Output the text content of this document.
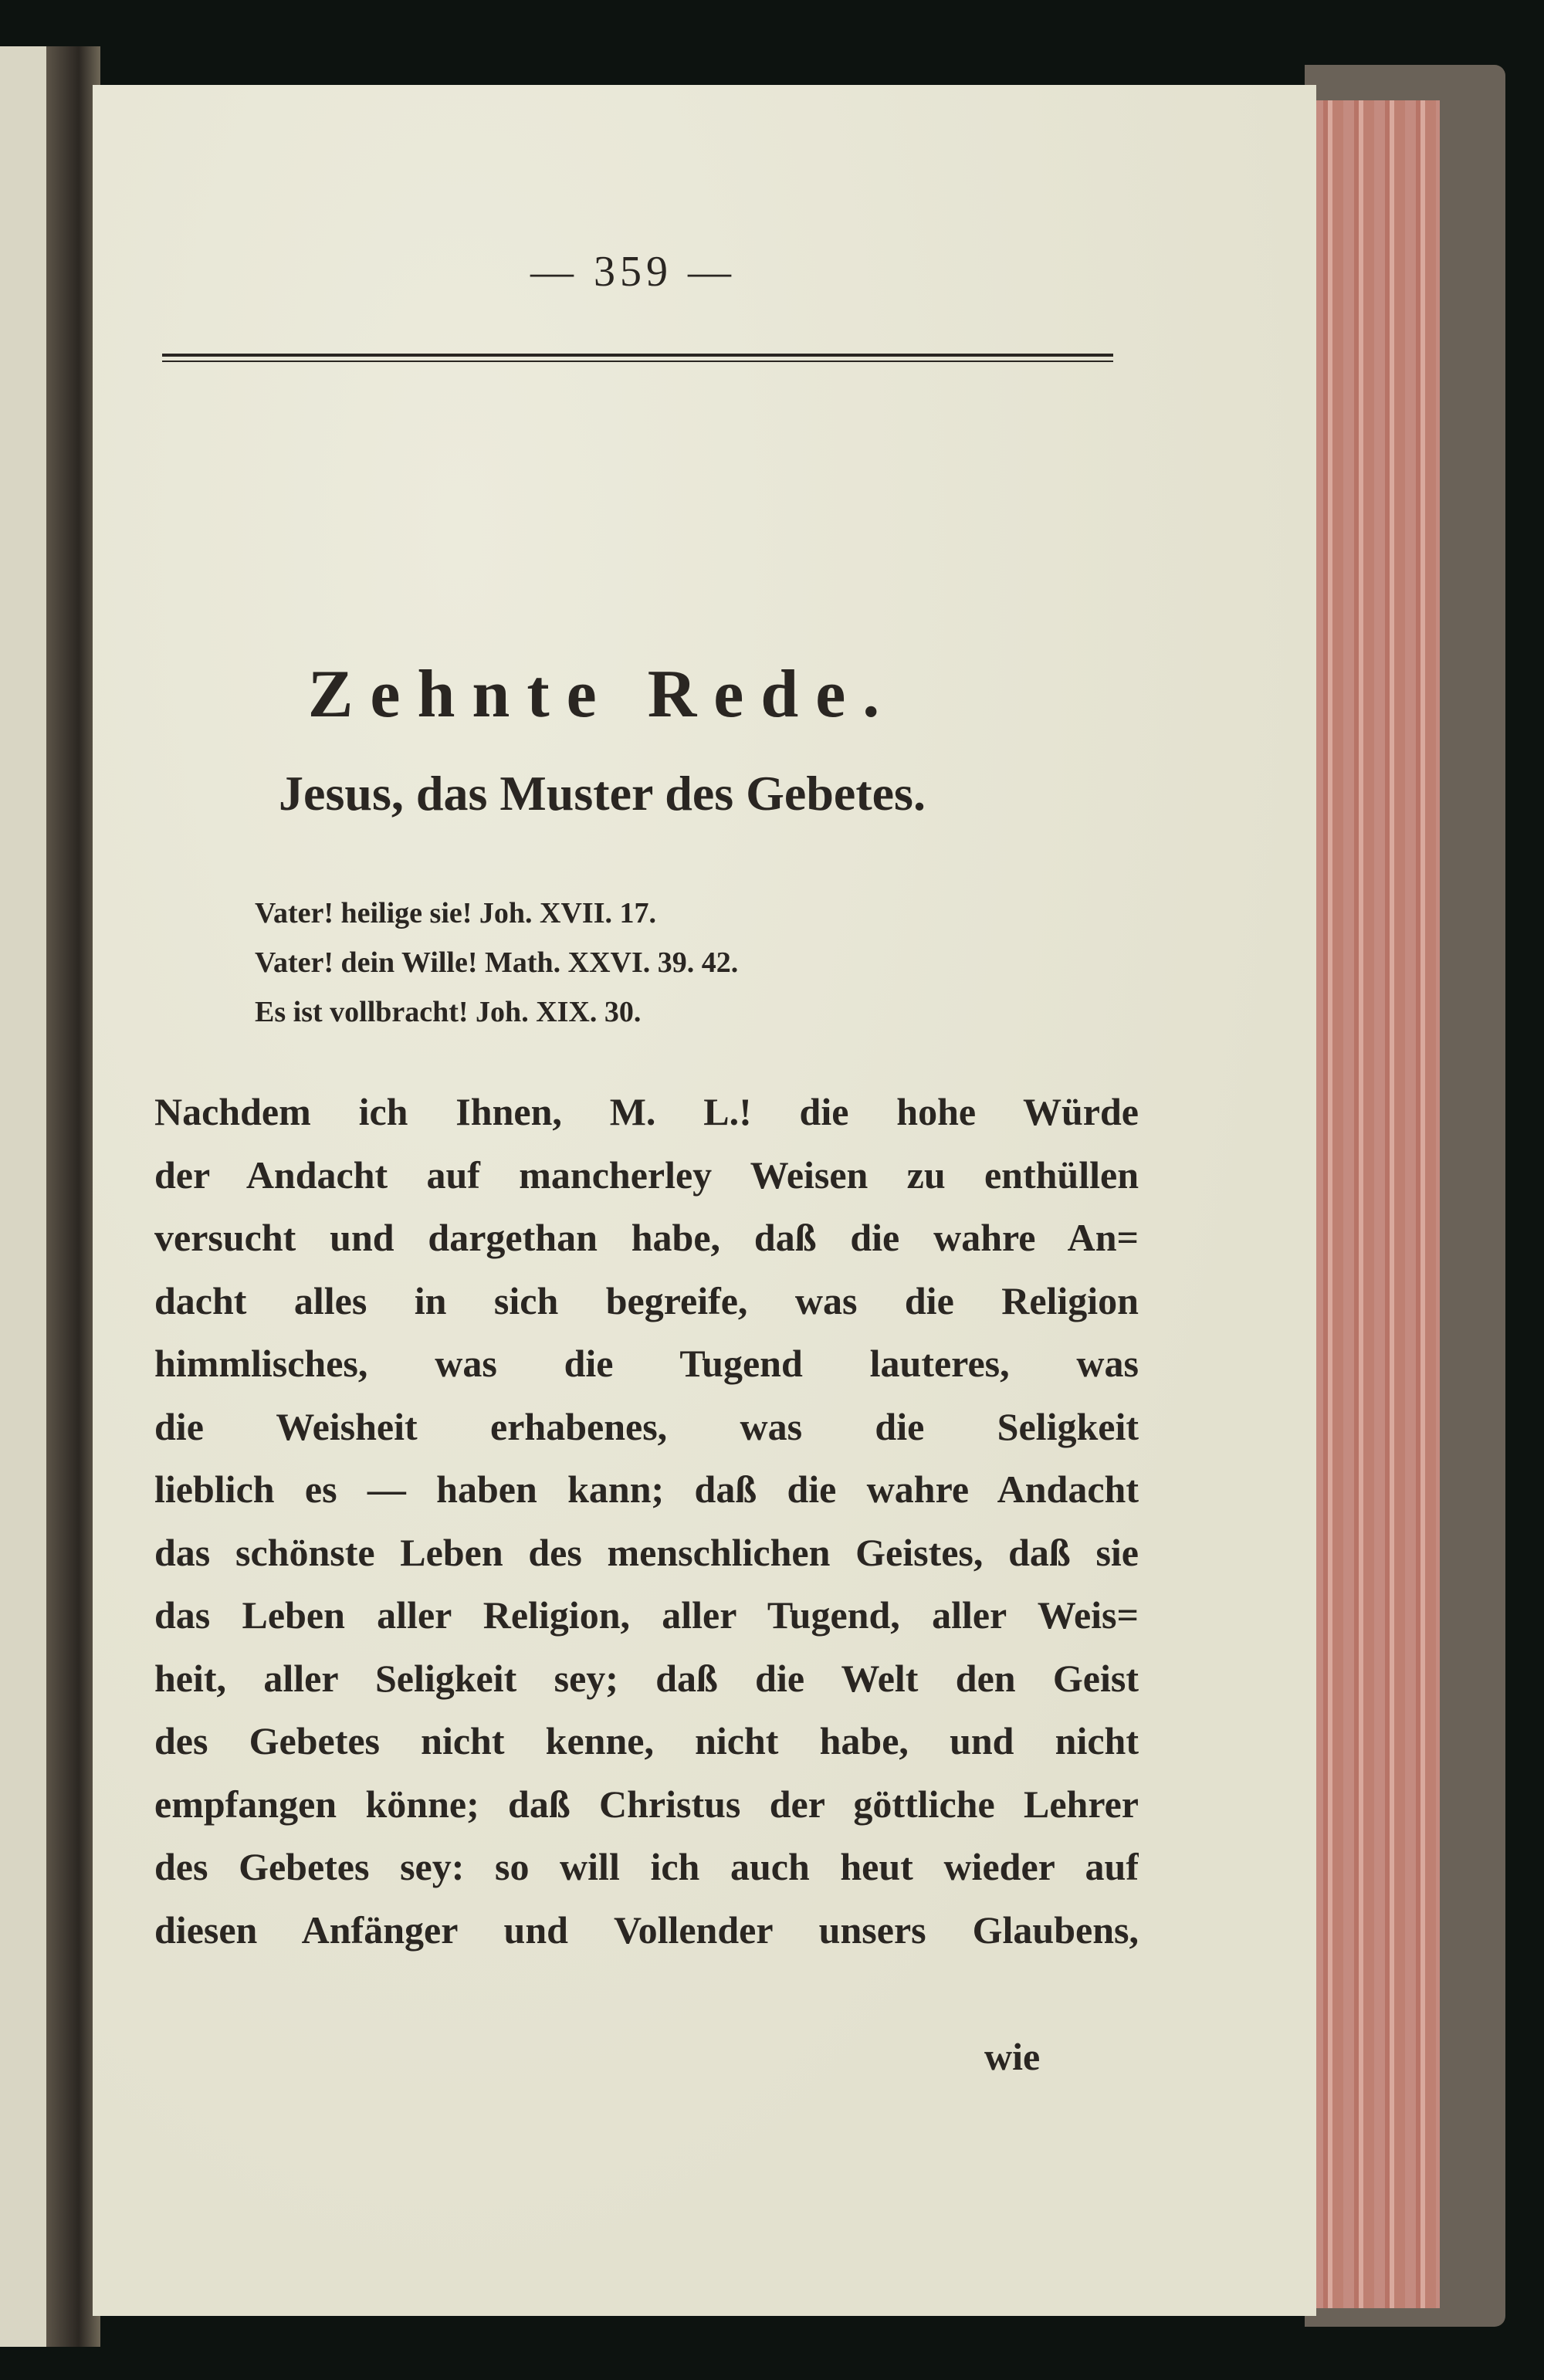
— 359 —
Zehnte Rede.
Jesus, das Muster des Gebetes.
Vater! heilige sie! Joh. XVII. 17.
Vater! dein Wille! Math. XXVI. 39. 42.
Es ist vollbracht! Joh. XIX. 30.
Nachdem ich Ihnen, M. L.! die hohe Würde
der Andacht auf mancherley Weisen zu enthüllen
versucht und dargethan habe, daß die wahre An=
dacht alles in sich begreife, was die Religion
himmlisches, was die Tugend lauteres, was
die Weisheit erhabenes, was die Seligkeit
lieblich es — haben kann; daß die wahre Andacht
das schönste Leben des menschlichen Geistes, daß sie
das Leben aller Religion, aller Tugend, aller Weis=
heit, aller Seligkeit sey; daß die Welt den Geist
des Gebetes nicht kenne, nicht habe, und nicht
empfangen könne; daß Christus der göttliche Lehrer
des Gebetes sey: so will ich auch heut wieder auf
diesen Anfänger und Vollender unsers Glaubens,
wie
